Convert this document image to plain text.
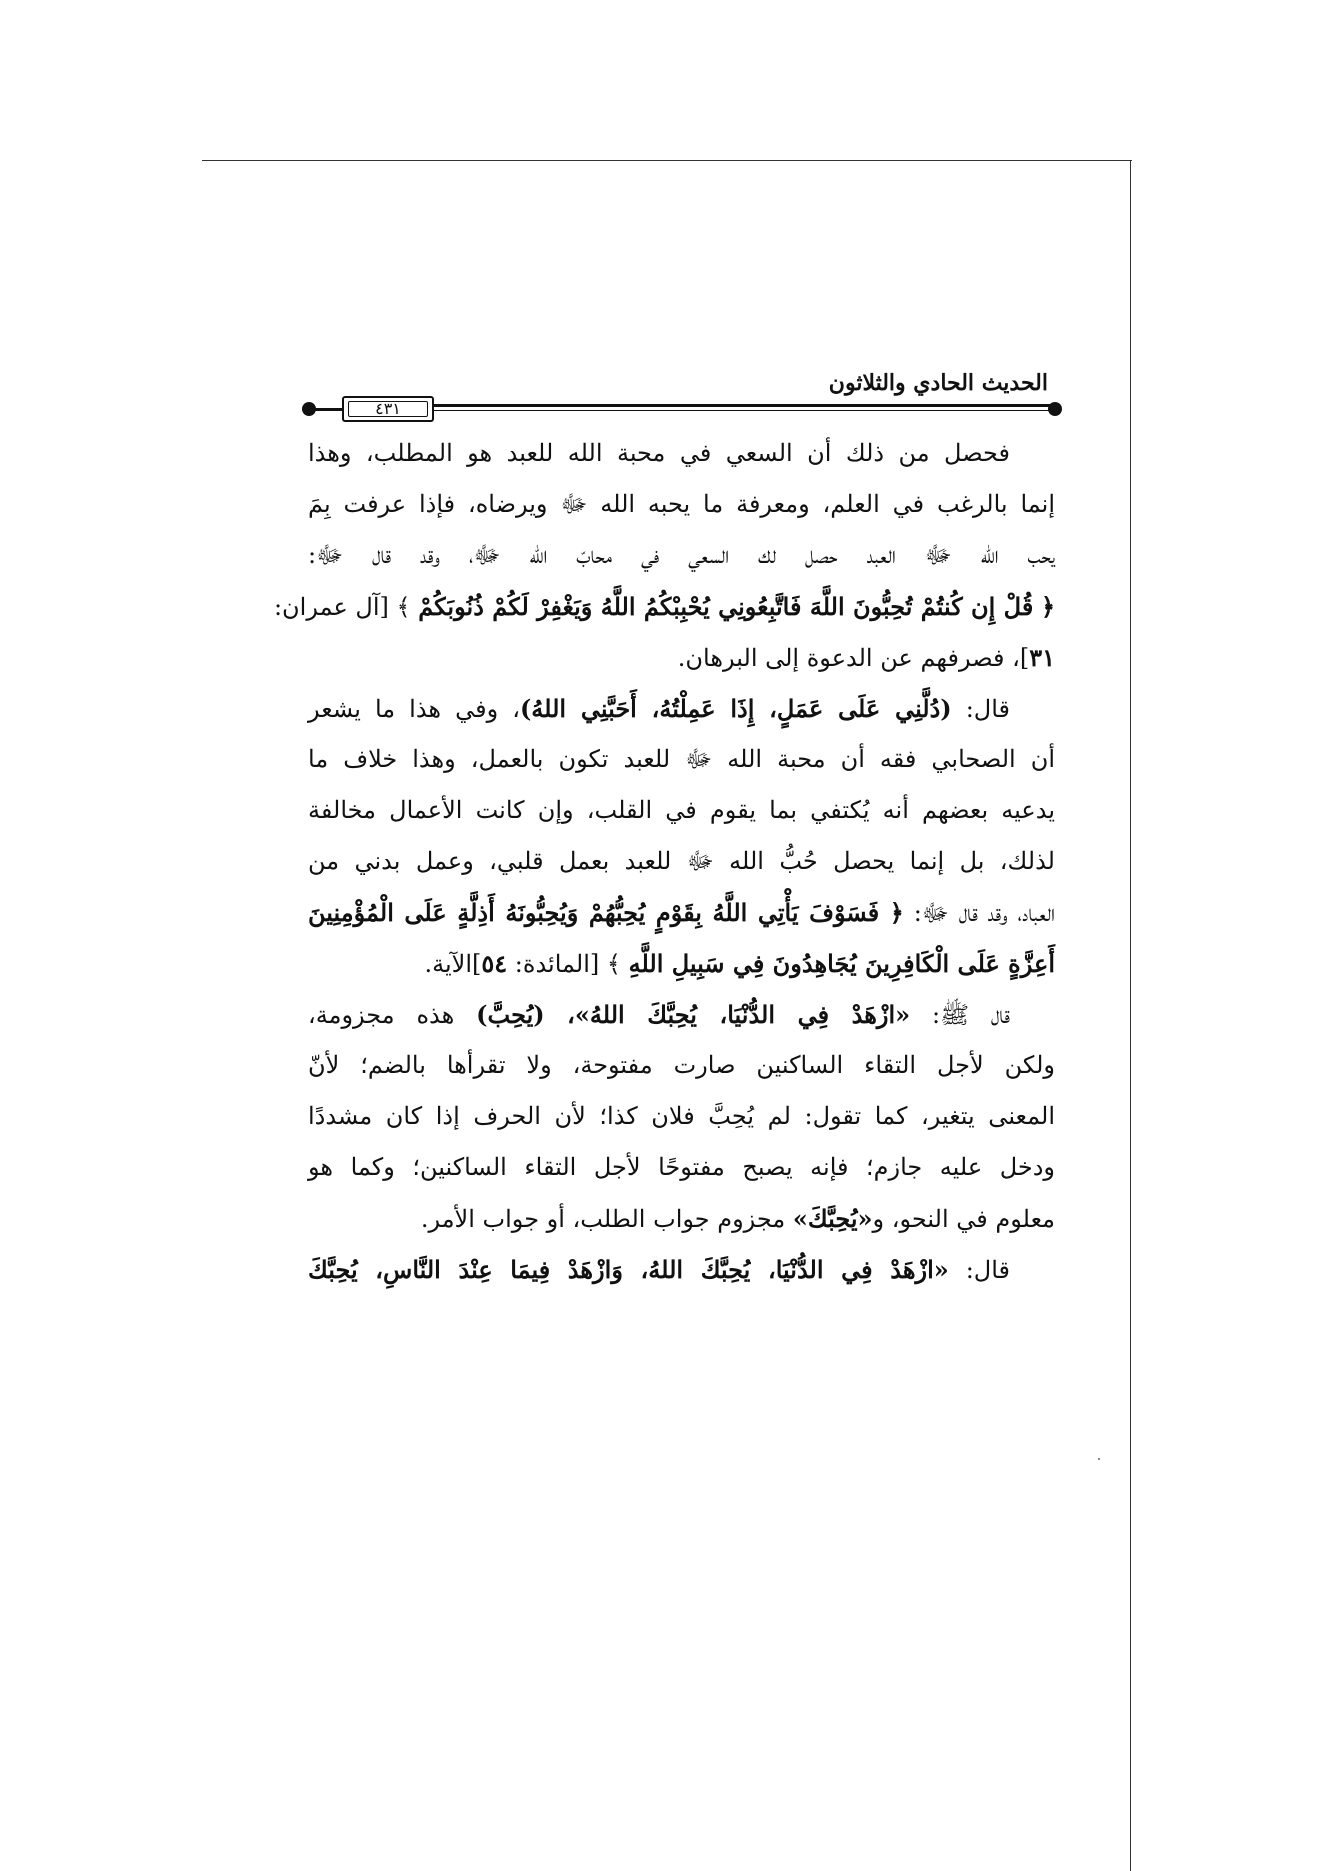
الحديث الحادي والثلاثون
٤٣١
فحصل من ذلك أن السعي في محبة الله للعبد هو المطلب، وهذا
إنما بالرغب في العلم، ومعرفة ما يحبه الله ﷻ ويرضاه، فإذا عرفت بِمَ
يحب الله ﷻ العبد حصل لك السعي في محابّ الله ﷻ، وقد قال ﷻ:
﴿ قُلْ إِن كُنتُمْ تُحِبُّونَ اللَّهَ فَاتَّبِعُونِي يُحْبِبْكُمُ اللَّهُ وَيَغْفِرْ لَكُمْ ذُنُوبَكُمْ ﴾ [آل عمران:
٣١]، فصرفهم عن الدعوة إلى البرهان.
قال: (دُلَّنِي عَلَى عَمَلٍ، إِذَا عَمِلْتُهُ، أَحَبَّنِي اللهُ)، وفي هذا ما يشعر
أن الصحابي فقه أن محبة الله ﷻ للعبد تكون بالعمل، وهذا خلاف ما
يدعيه بعضهم أنه يُكتفي بما يقوم في القلب، وإن كانت الأعمال مخالفة
لذلك، بل إنما يحصل حُبُّ الله ﷻ للعبد بعمل قلبي، وعمل بدني من
العباد، وقد قال ﷻ: ﴿ فَسَوْفَ يَأْتِي اللَّهُ بِقَوْمٍ يُحِبُّهُمْ وَيُحِبُّونَهُ أَذِلَّةٍ عَلَى الْمُؤْمِنِينَ
أَعِزَّةٍ عَلَى الْكَافِرِينَ يُجَاهِدُونَ فِي سَبِيلِ اللَّهِ ﴾ [المائدة: ٥٤]الآية.
قال ﷺ: «ازْهَدْ فِي الدُّنْيَا، يُحِبَّكَ اللهُ»، (يُحِبَّ) هذه مجزومة،
ولكن لأجل التقاء الساكنين صارت مفتوحة، ولا تقرأها بالضم؛ لأنّ
المعنى يتغير، كما تقول: لم يُحِبَّ فلان كذا؛ لأن الحرف إذا كان مشددًا
ودخل عليه جازم؛ فإنه يصبح مفتوحًا لأجل التقاء الساكنين؛ وكما هو
معلوم في النحو، و«يُحِبَّكَ» مجزوم جواب الطلب، أو جواب الأمر.
قال: «ازْهَدْ فِي الدُّنْيَا، يُحِبَّكَ اللهُ، وَازْهَدْ فِيمَا عِنْدَ النَّاسِ، يُحِبَّكَ
